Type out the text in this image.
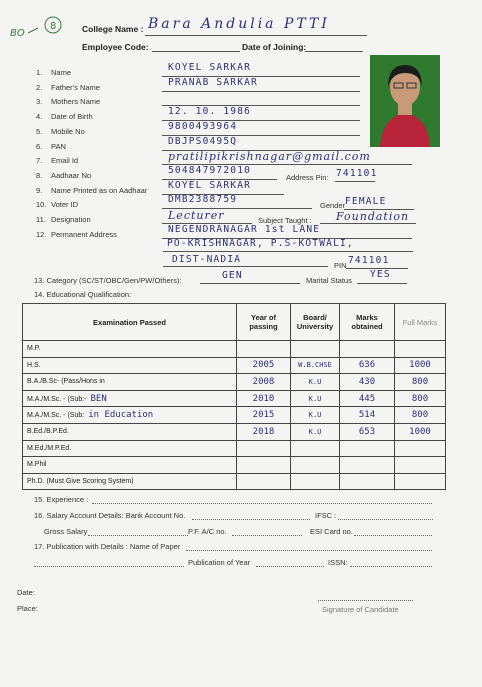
BO
8	College Name : Bara Andulia PTTI
Employee Code:	Date of Joining:
1. Name	KOYEL SARKAR
2. Father's Name	PRANAB SARKAR
3. Mothers Name
4. Date of Birth	12. 10. 1986
5. Mobile No	9800493964
6. PAN	DBJPS0495Q
7. Email Id	pratilipikrishnagar@gmail.com
8. Aadhaar No	504847972010
9. Name Printed as on Aadhaar KOYEL SARKAR
10. Voter ID	DMB2388759
11. Designation	Lecturer
12. Permanent Address	NEGENDRANAGAR 1st LANE
Address Pin: 741101
Gender FEMALE
Subject Taught : Foundation
PO-KRISHNAGAR, P.S-KOTWALI,
DIST-NADIA
PIN 741101
13. Category (SC/ST/OBC/Gen/PW/Others):	GEN	Marital Status
YES
14. Educational Qualification:
Examination Passed	Year of passing	Board/ University	Marks obtained	Full Marks
M.P.				
H.S.	2005	W.B.CHSE	636	1000
B.A./B.Sc- (Pass/Hons in	2008	K.U	430	800
M.A./M.Sc. - (Sub:- BEN	2010	K.U	445	800
M.A./M.Sc. - (Sub: in Education	2015	K.U	514	800
B.Ed./B.P.Ed.	2018	K.U	653	1000
M.Ed./M.P.Ed.				
M.Phil				
Ph.D. (Must Give Scoring System)				
15. Experience :
16. Salary Account Details: Bank Account No.	IFSC :
Gross Salary	P.F. A/C no.	ESI Card no.
17. Publication with Details : Name of Paper
Publication of Year	ISSN:
Date:
Place:	Signature of Candidate
